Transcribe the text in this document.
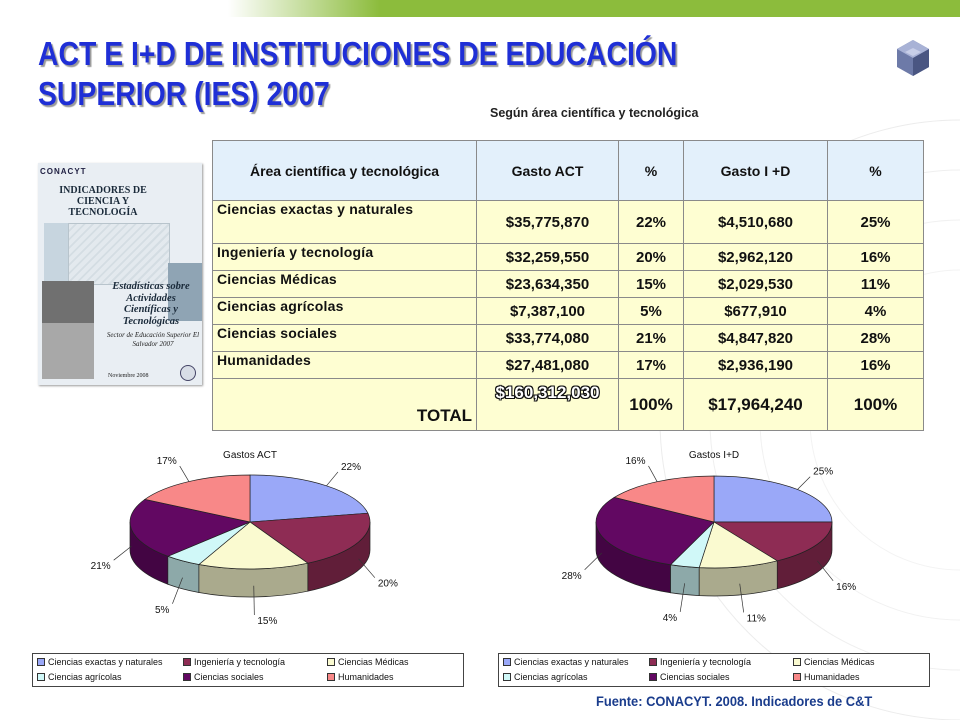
ACT E I+D DE INSTITUCIONES DE EDUCACIÓN SUPERIOR (IES) 2007
Según área científica y tecnológica
CONACYT
INDICADORES DE CIENCIA Y TECNOLOGÍA
Estadísticas sobre Actividades Científicas y Tecnológicas
Sector de Educación Superior El Salvador 2007
Noviembre 2008
Área científica y tecnológica	Gasto ACT	%	Gasto I +D	%
Ciencias exactas y naturales	$35,775,870	22%	$4,510,680	25%
Ingeniería y tecnología	$32,259,550	20%	$2,962,120	16%
Ciencias Médicas	$23,634,350	15%	$2,029,530	11%
Ciencias agrícolas	$7,387,100	5%	$677,910	4%
Ciencias sociales	$33,774,080	21%	$4,847,820	28%
Humanidades	$27,481,080	17%	$2,936,190	16%
TOTAL	$160,312,030	100%	$17,964,240	100%
Gastos ACT
22%
20%
15%
5%
21%
17%
Ciencias exactas y naturales	Ingeniería y tecnología	Ciencias Médicas
Ciencias agrícolas	Ciencias sociales	Humanidades
Gastos I+D
25%
16%
11%
4%
28%
16%
Ciencias exactas y naturales	Ingeniería y tecnología	Ciencias Médicas
Ciencias agrícolas	Ciencias sociales	Humanidades
Fuente: CONACYT. 2008. Indicadores de C&T
